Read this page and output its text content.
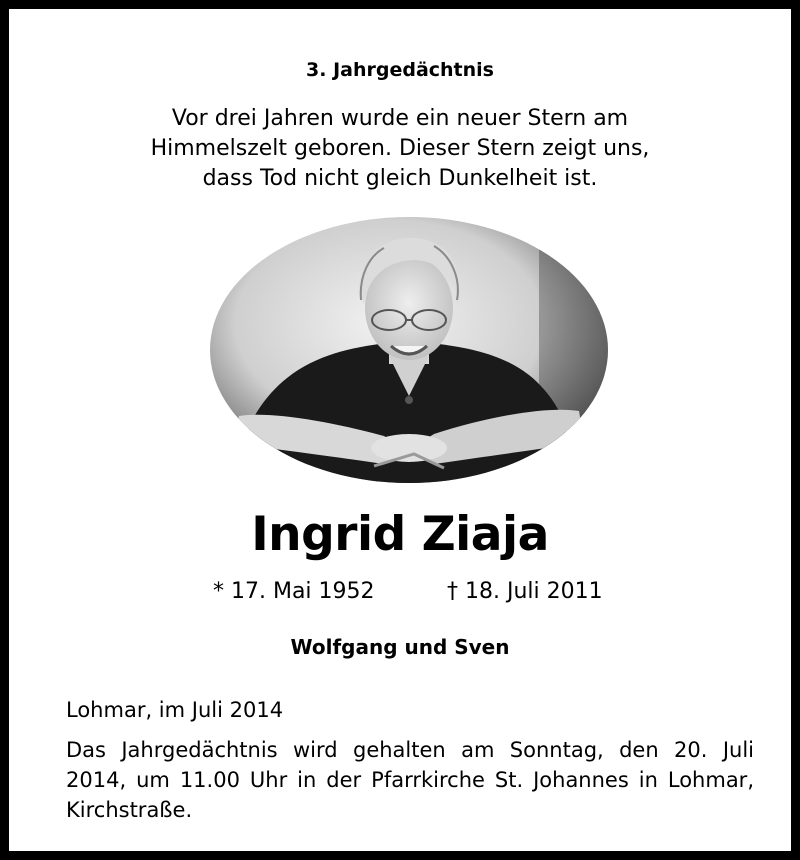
3. Jahrgedächtnis
Vor drei Jahren wurde ein neuer Stern am
Himmelszelt geboren. Dieser Stern zeigt uns,
dass Tod nicht gleich Dunkelheit ist.
Ingrid Ziaja
* 17. Mai 1952	† 18. Juli 2011
Wolfgang und Sven
Lohmar, im Juli 2014
Das Jahrgedächtnis wird gehalten am Sonntag, den 20. Juli
2014, um 11.00 Uhr in der Pfarrkirche St. Johannes in Lohmar,
Kirchstraße.
